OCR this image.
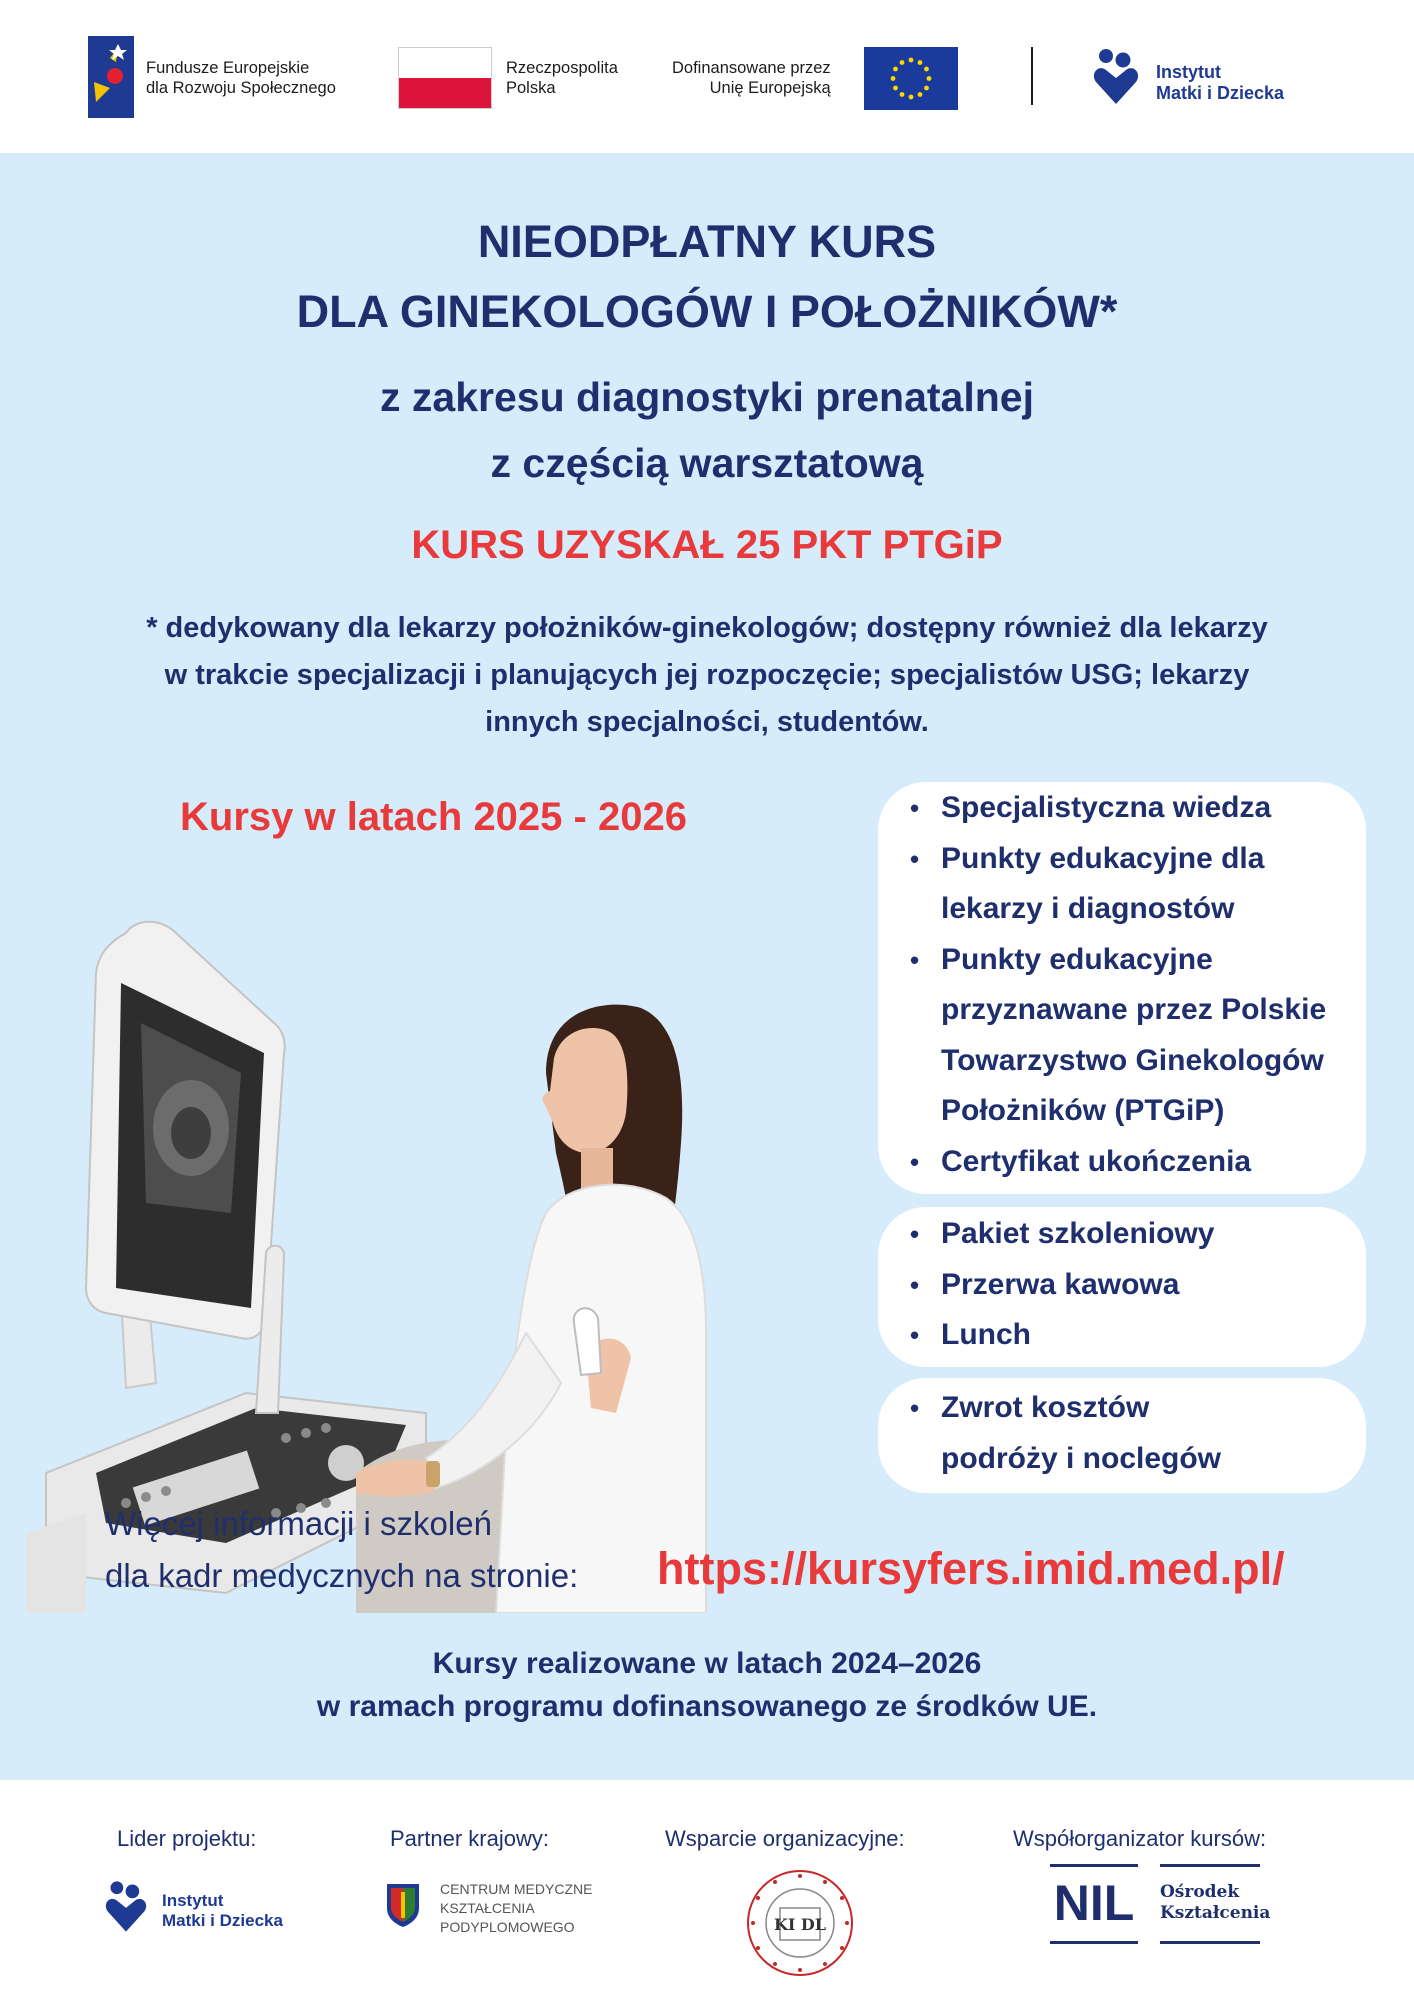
Fundusze Europejskie
dla Rozwoju Społecznego
Rzeczpospolita
Polska
Dofinansowane przez
Unię Europejską
Instytut
Matki i Dziecka
NIEODPŁATNY KURS
DLA GINEKOLOGÓW I POŁOŻNIKÓW*
z zakresu diagnostyki prenatalnej
z częścią warsztatową
KURS UZYSKAŁ 25 PKT PTGiP
* dedykowany dla lekarzy położników-ginekologów; dostępny również dla lekarzy
w trakcie specjalizacji i planujących jej rozpoczęcie; specjalistów USG; lekarzy
innych specjalności, studentów.
Kursy w latach 2025 - 2026
•	Specjalistyczna wiedza
• Punkty edukacyjne dla
lekarzy i diagnostów
• Punkty edukacyjne
przyznawane przez Polskie
Towarzystwo Ginekologów
Położników (PTGiP)
• Certyfikat ukończenia
• Pakiet szkoleniowy
• Przerwa kawowa
• Lunch
• Zwrot kosztów
podróży i noclegów
Więcej informacji i szkoleń
dla kadr medycznych na stronie: https://kursyfers.imid.med.pl/
Kursy realizowane w latach 2024–2026
w ramach programu dofinansowanego ze środków UE.
Lider projektu:	Partner krajowy:	Wsparcie organizacyjne:	Współorganizator kursów:
Instytut
Matki i Dziecka
CENTRUM MEDYCZNE
KSZTAŁCENIA
PODYPLOMOWEGO	KI DL	NIL Ośrodek
Kształcenia
